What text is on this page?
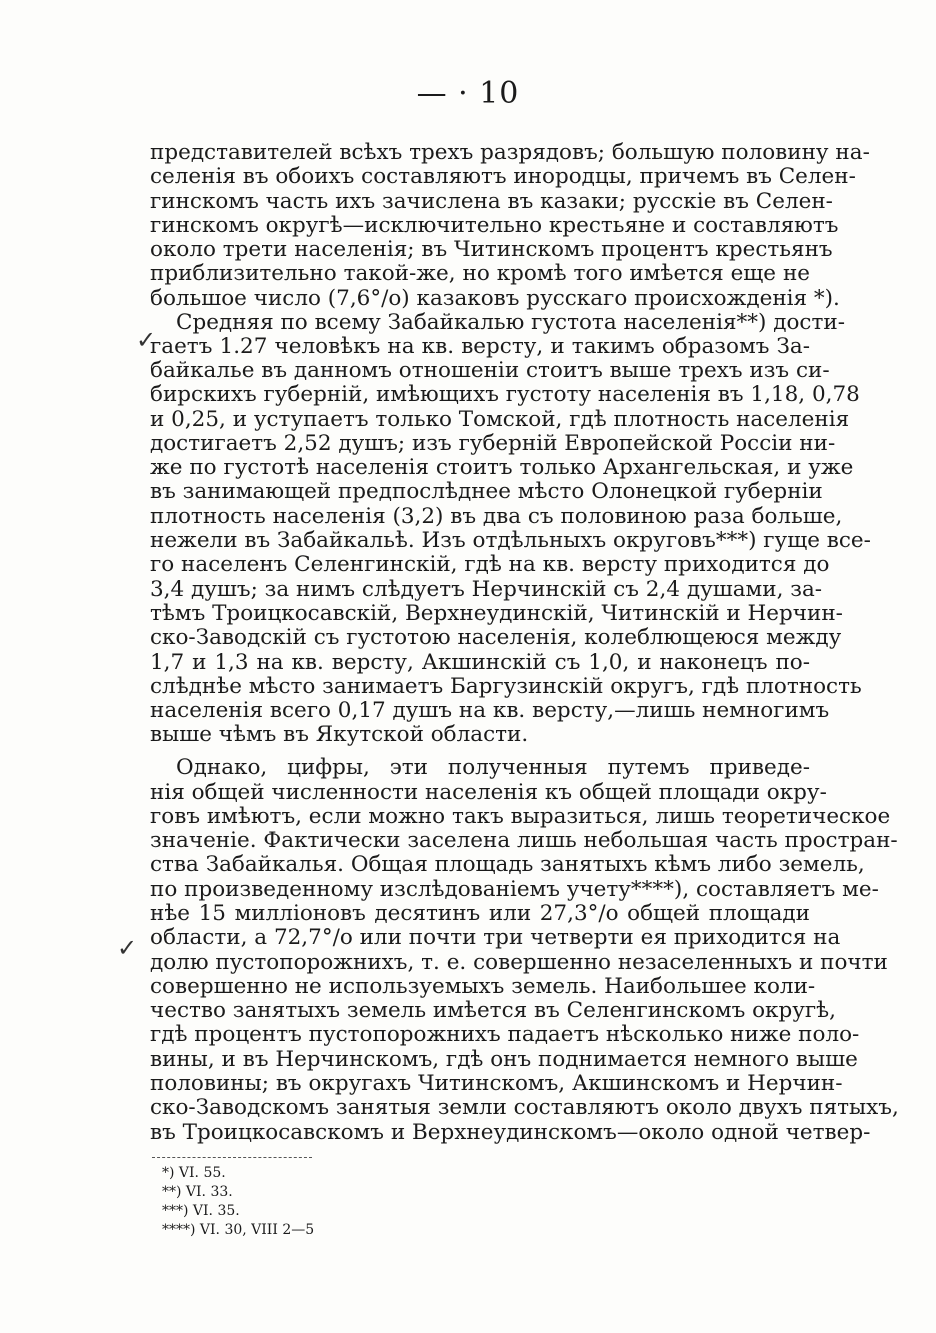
— · 10
✓
✓
представителей всѣхъ трехъ разрядовъ; большую половину на-
селенія въ обоихъ составляютъ инородцы, причемъ въ Селен-
гинскомъ часть ихъ зачислена въ казаки; русскіе въ Селен-
гинскомъ округѣ—исключительно крестьяне и составляютъ
около трети населенія; въ Читинскомъ процентъ крестьянъ
приблизительно такой-же, но кромѣ того имѣется еще не
большое число (7,6°/о) казаковъ русскаго происхожденія *).
Средняя по всему Забайкалью густота населенія**) дости-
гаетъ 1.27 человѣкъ на кв. версту, и такимъ образомъ За-
байкалье въ данномъ отношеніи стоитъ выше трехъ изъ си-
бирскихъ губерній, имѣющихъ густоту населенія въ 1,18, 0,78
и 0,25, и уступаетъ только Томской, гдѣ плотность населенія
достигаетъ 2,52 душъ; изъ губерній Европейской Россіи ни-
же по густотѣ населенія стоитъ только Архангельская, и уже
въ занимающей предпослѣднее мѣсто Олонецкой губерніи
плотность населенія (3,2) въ два съ половиною раза больше,
нежели въ Забайкальѣ. Изъ отдѣльныхъ округовъ***) гуще все-
го населенъ Селенгинскій, гдѣ на кв. версту приходится до
3,4 душъ; за нимъ слѣдуетъ Нерчинскій съ 2,4 душами, за-
тѣмъ Троицкосавскій, Верхнеудинскій, Читинскій и Нерчин-
ско-Заводскій съ густотою населенія, колеблющеюся между
1,7 и 1,3 на кв. версту, Акшинскій съ 1,0, и наконецъ по-
слѣднѣе мѣсто занимаетъ Баргузинскій округъ, гдѣ плотность
населенія всего 0,17 душъ на кв. версту,—лишь немногимъ
выше чѣмъ въ Якутской области.
Однако, цифры, эти полученныя путемъ приведе-
нія общей численности населенія къ общей площади окру-
говъ имѣютъ, если можно такъ выразиться, лишь теоретическое
значеніе. Фактически заселена лишь небольшая часть простран-
ства Забайкалья. Общая площадь занятыхъ кѣмъ либо земель,
по произведенному изслѣдованіемъ учету****), составляетъ ме-
нѣе 15 милліоновъ десятинъ или 27,3°/о общей площади
области, а 72,7°/о или почти три четверти ея приходится на
долю пустопорожнихъ, т. е. совершенно незаселенныхъ и почти
совершенно не используемыхъ земель. Наибольшее коли-
чество занятыхъ земель имѣется въ Селенгинскомъ округѣ,
гдѣ процентъ пустопорожнихъ падаетъ нѣсколько ниже поло-
вины, и въ Нерчинскомъ, гдѣ онъ поднимается немного выше
половины; въ округахъ Читинскомъ, Акшинскомъ и Нерчин-
ско-Заводскомъ занятыя земли составляютъ около двухъ пятыхъ,
въ Троицкосавскомъ и Верхнеудинскомъ—около одной четвер-
*) VI. 55.
**) VI. 33.
***) VI. 35.
****) VI. 30, VIII 2—5
